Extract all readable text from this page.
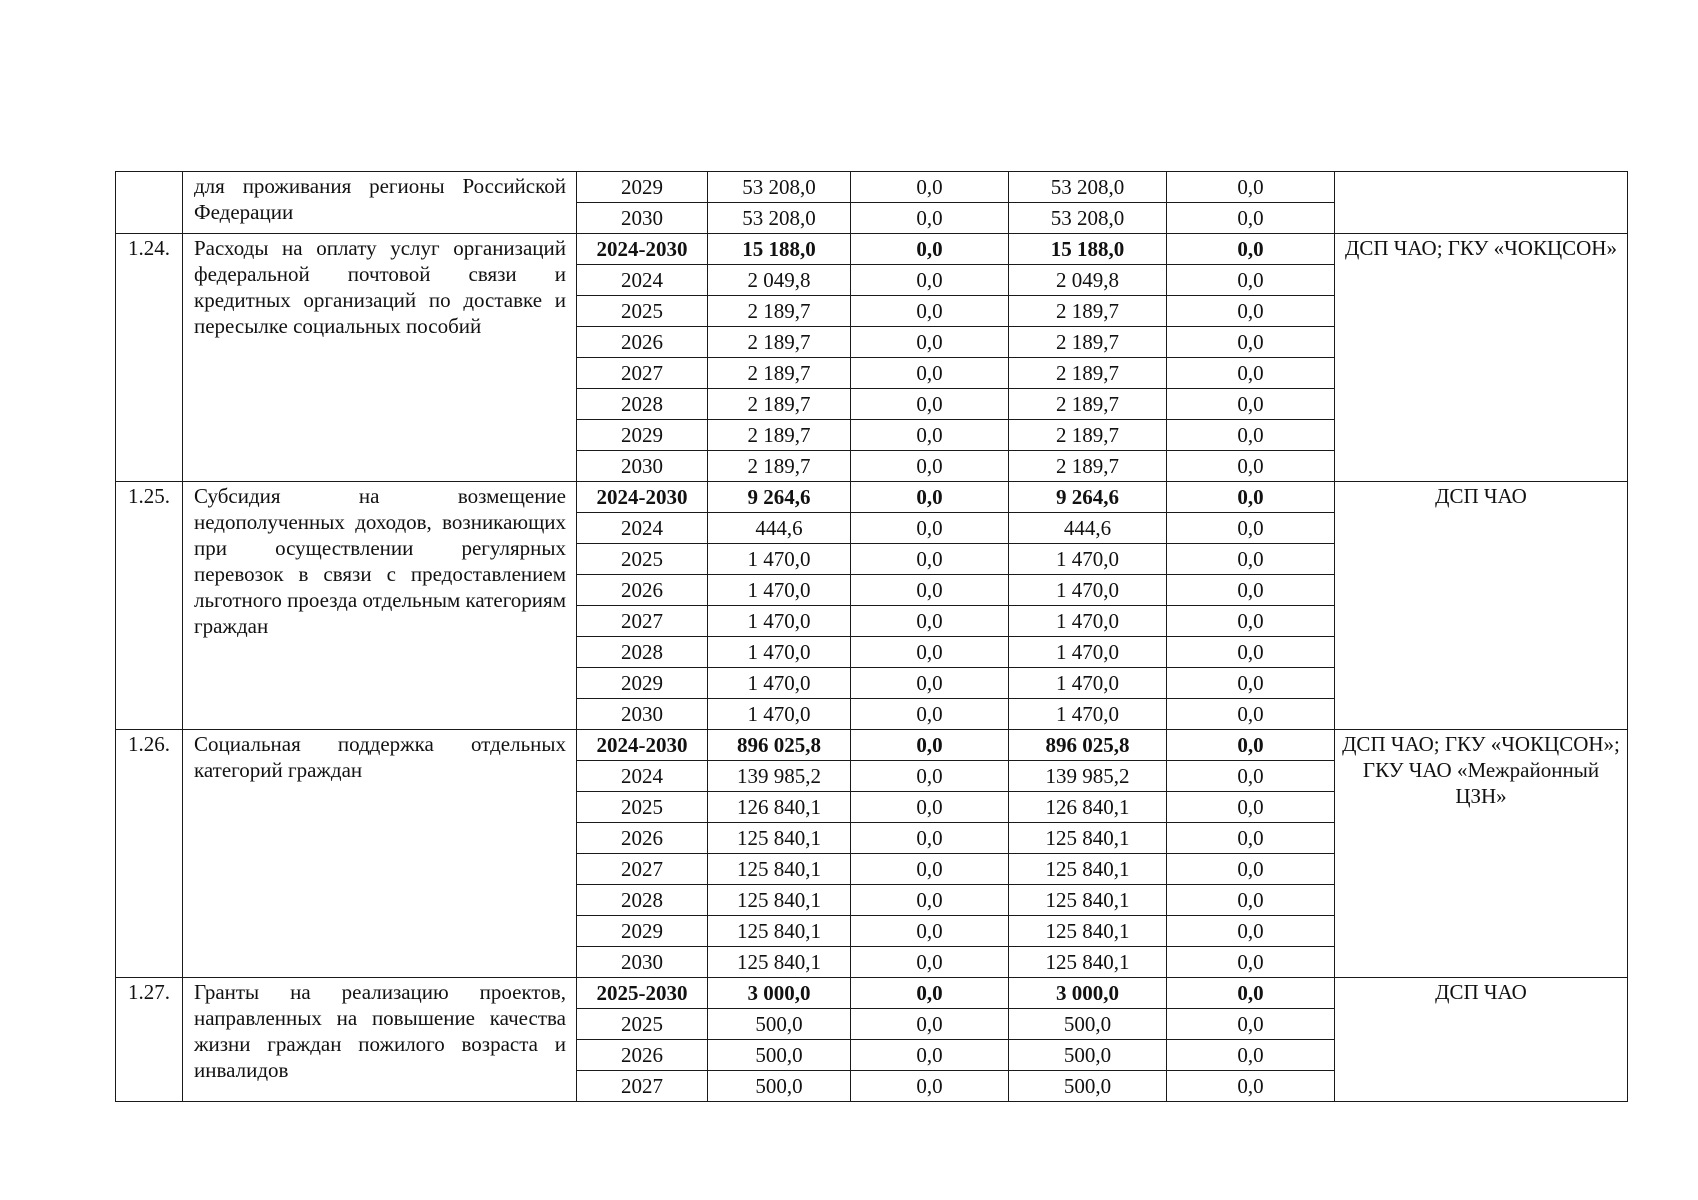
	для проживания регионы Российской Федерации	2029	53 208,0	0,0	53 208,0	0,0	
		2030	53 208,0	0,0	53 208,0	0,0	
1.24.	Расходы на оплату услуг организаций федеральной почтовой связи и кредитных организаций по доставке и пересылке социальных пособий	2024-2030	15 188,0	0,0	15 188,0	0,0	ДСП ЧАО; ГКУ «ЧОКЦСОН»
		2024	2 049,8	0,0	2 049,8	0,0	
		2025	2 189,7	0,0	2 189,7	0,0	
		2026	2 189,7	0,0	2 189,7	0,0	
		2027	2 189,7	0,0	2 189,7	0,0	
		2028	2 189,7	0,0	2 189,7	0,0	
		2029	2 189,7	0,0	2 189,7	0,0	
		2030	2 189,7	0,0	2 189,7	0,0	
1.25.	Субсидия на возмещение недополученных доходов, возникающих при осуществлении регулярных перевозок в связи с предоставлением льготного проезда отдельным категориям граждан	2024-2030	9 264,6	0,0	9 264,6	0,0	ДСП ЧАО
		2024	444,6	0,0	444,6	0,0	
		2025	1 470,0	0,0	1 470,0	0,0	
		2026	1 470,0	0,0	1 470,0	0,0	
		2027	1 470,0	0,0	1 470,0	0,0	
		2028	1 470,0	0,0	1 470,0	0,0	
		2029	1 470,0	0,0	1 470,0	0,0	
		2030	1 470,0	0,0	1 470,0	0,0	
1.26.	Социальная поддержка отдельных категорий граждан	2024-2030	896 025,8	0,0	896 025,8	0,0	ДСП ЧАО; ГКУ «ЧОКЦСОН»; ГКУ ЧАО «Межрайонный ЦЗН»
		2024	139 985,2	0,0	139 985,2	0,0	
		2025	126 840,1	0,0	126 840,1	0,0	
		2026	125 840,1	0,0	125 840,1	0,0	
		2027	125 840,1	0,0	125 840,1	0,0	
		2028	125 840,1	0,0	125 840,1	0,0	
		2029	125 840,1	0,0	125 840,1	0,0	
		2030	125 840,1	0,0	125 840,1	0,0	
1.27.	Гранты на реализацию проектов, направленных на повышение качества жизни граждан пожилого возраста и инвалидов	2025-2030	3 000,0	0,0	3 000,0	0,0	ДСП ЧАО
		2025	500,0	0,0	500,0	0,0	
		2026	500,0	0,0	500,0	0,0	
		2027	500,0	0,0	500,0	0,0	
